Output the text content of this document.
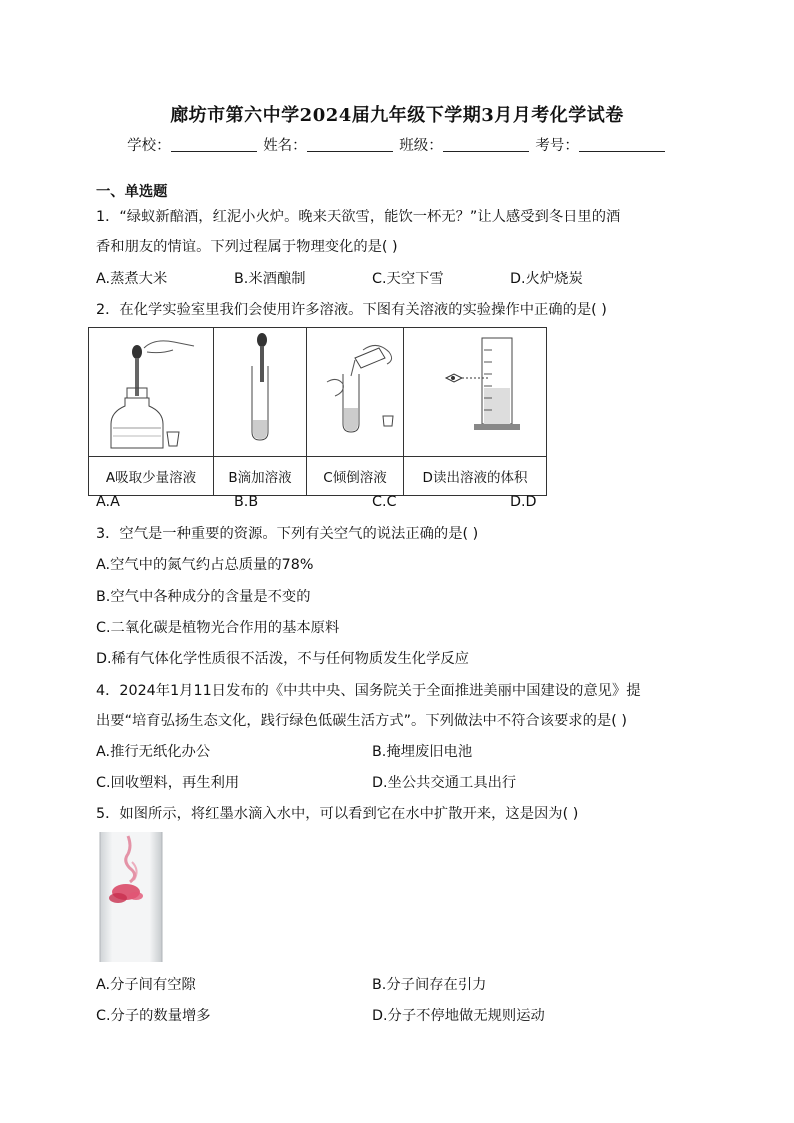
廊坊市第六中学2024届九年级下学期3月月考化学试卷
学校：	姓名：	班级：	考号：
一、单选题
1．“绿蚁新醅酒，红泥小火炉。晚来天欲雪，能饮一杯无？”让人感受到冬日里的酒
香和朋友的情谊。下列过程属于物理变化的是( )
A.蒸煮大米	B.米酒酿制	C.天空下雪	D.火炉烧炭
2．在化学实验室里我们会使用许多溶液。下图有关溶液的实验操作中正确的是( )

A吸取少量溶液	B滴加溶液	C倾倒溶液	D读出溶液的体积
A.A	B.B	C.C	D.D
3．空气是一种重要的资源。下列有关空气的说法正确的是( )
A.空气中的氮气约占总质量的78%
B.空气中各种成分的含量是不变的
C.二氧化碳是植物光合作用的基本原料
D.稀有气体化学性质很不活泼，不与任何物质发生化学反应
4．2024年1月11日发布的《中共中央、国务院关于全面推进美丽中国建设的意见》提
出要“培育弘扬生态文化，践行绿色低碳生活方式”。下列做法中不符合该要求的是( )
A.推行无纸化办公	B.掩埋废旧电池
C.回收塑料，再生利用	D.坐公共交通工具出行
5．如图所示，将红墨水滴入水中，可以看到它在水中扩散开来，这是因为( )
A.分子间有空隙	B.分子间存在引力
C.分子的数量增多	D.分子不停地做无规则运动
